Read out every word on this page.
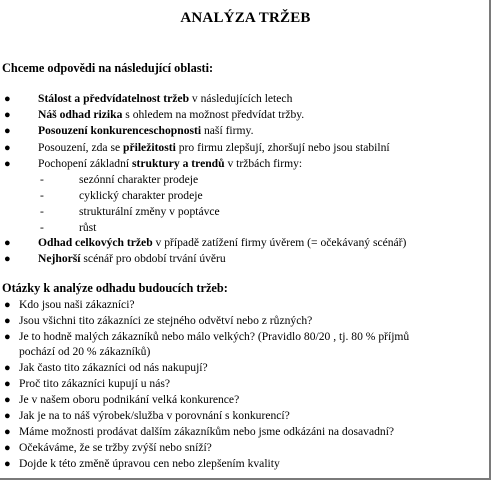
ANALÝZA TRŽEB
Chceme odpovědi na následující oblasti:
● Stálost a předvídatelnost tržeb v následujících letech
● Náš odhad rizika s ohledem na možnost předvídat tržby.
● Posouzení konkurenceschopnosti naší firmy.
● Posouzení, zda se přiležitosti pro firmu zlepšují, zhoršují nebo jsou stabilní
● Pochopení základní struktury a trendů v tržbách firmy:
-	sezónní charakter prodeje
-	cyklický charakter prodeje
-	strukturální změny v poptávce
-	růst
● Odhad celkových tržeb v případě zatížení firmy úvěrem (= očekávaný scénář)
● Nejhorší scénář pro období trvání úvěru
Otázky k analýze odhadu budoucích tržeb:
● Kdo jsou naši zákazníci?
● Jsou všichni tito zákazníci ze stejného odvětví nebo z různých?
● Je to hodně malých zákazníků nebo málo velkých? (Pravidlo 80/20 , tj. 80 % příjmů
pochází od 20 % zákazníků)
● Jak často tito zákazníci od nás nakupují?
● Proč tito zákazníci kupují u nás?
● Je v našem oboru podnikání velká konkurence?
● Jak je na to náš výrobek/služba v porovnání s konkurencí?
● Máme možnosti prodávat dalším zákazníkům nebo jsme odkázáni na dosavadní?
● Očekáváme, že se tržby zvýší nebo sníží?
● Dojde k této změně úpravou cen nebo zlepšením kvality
